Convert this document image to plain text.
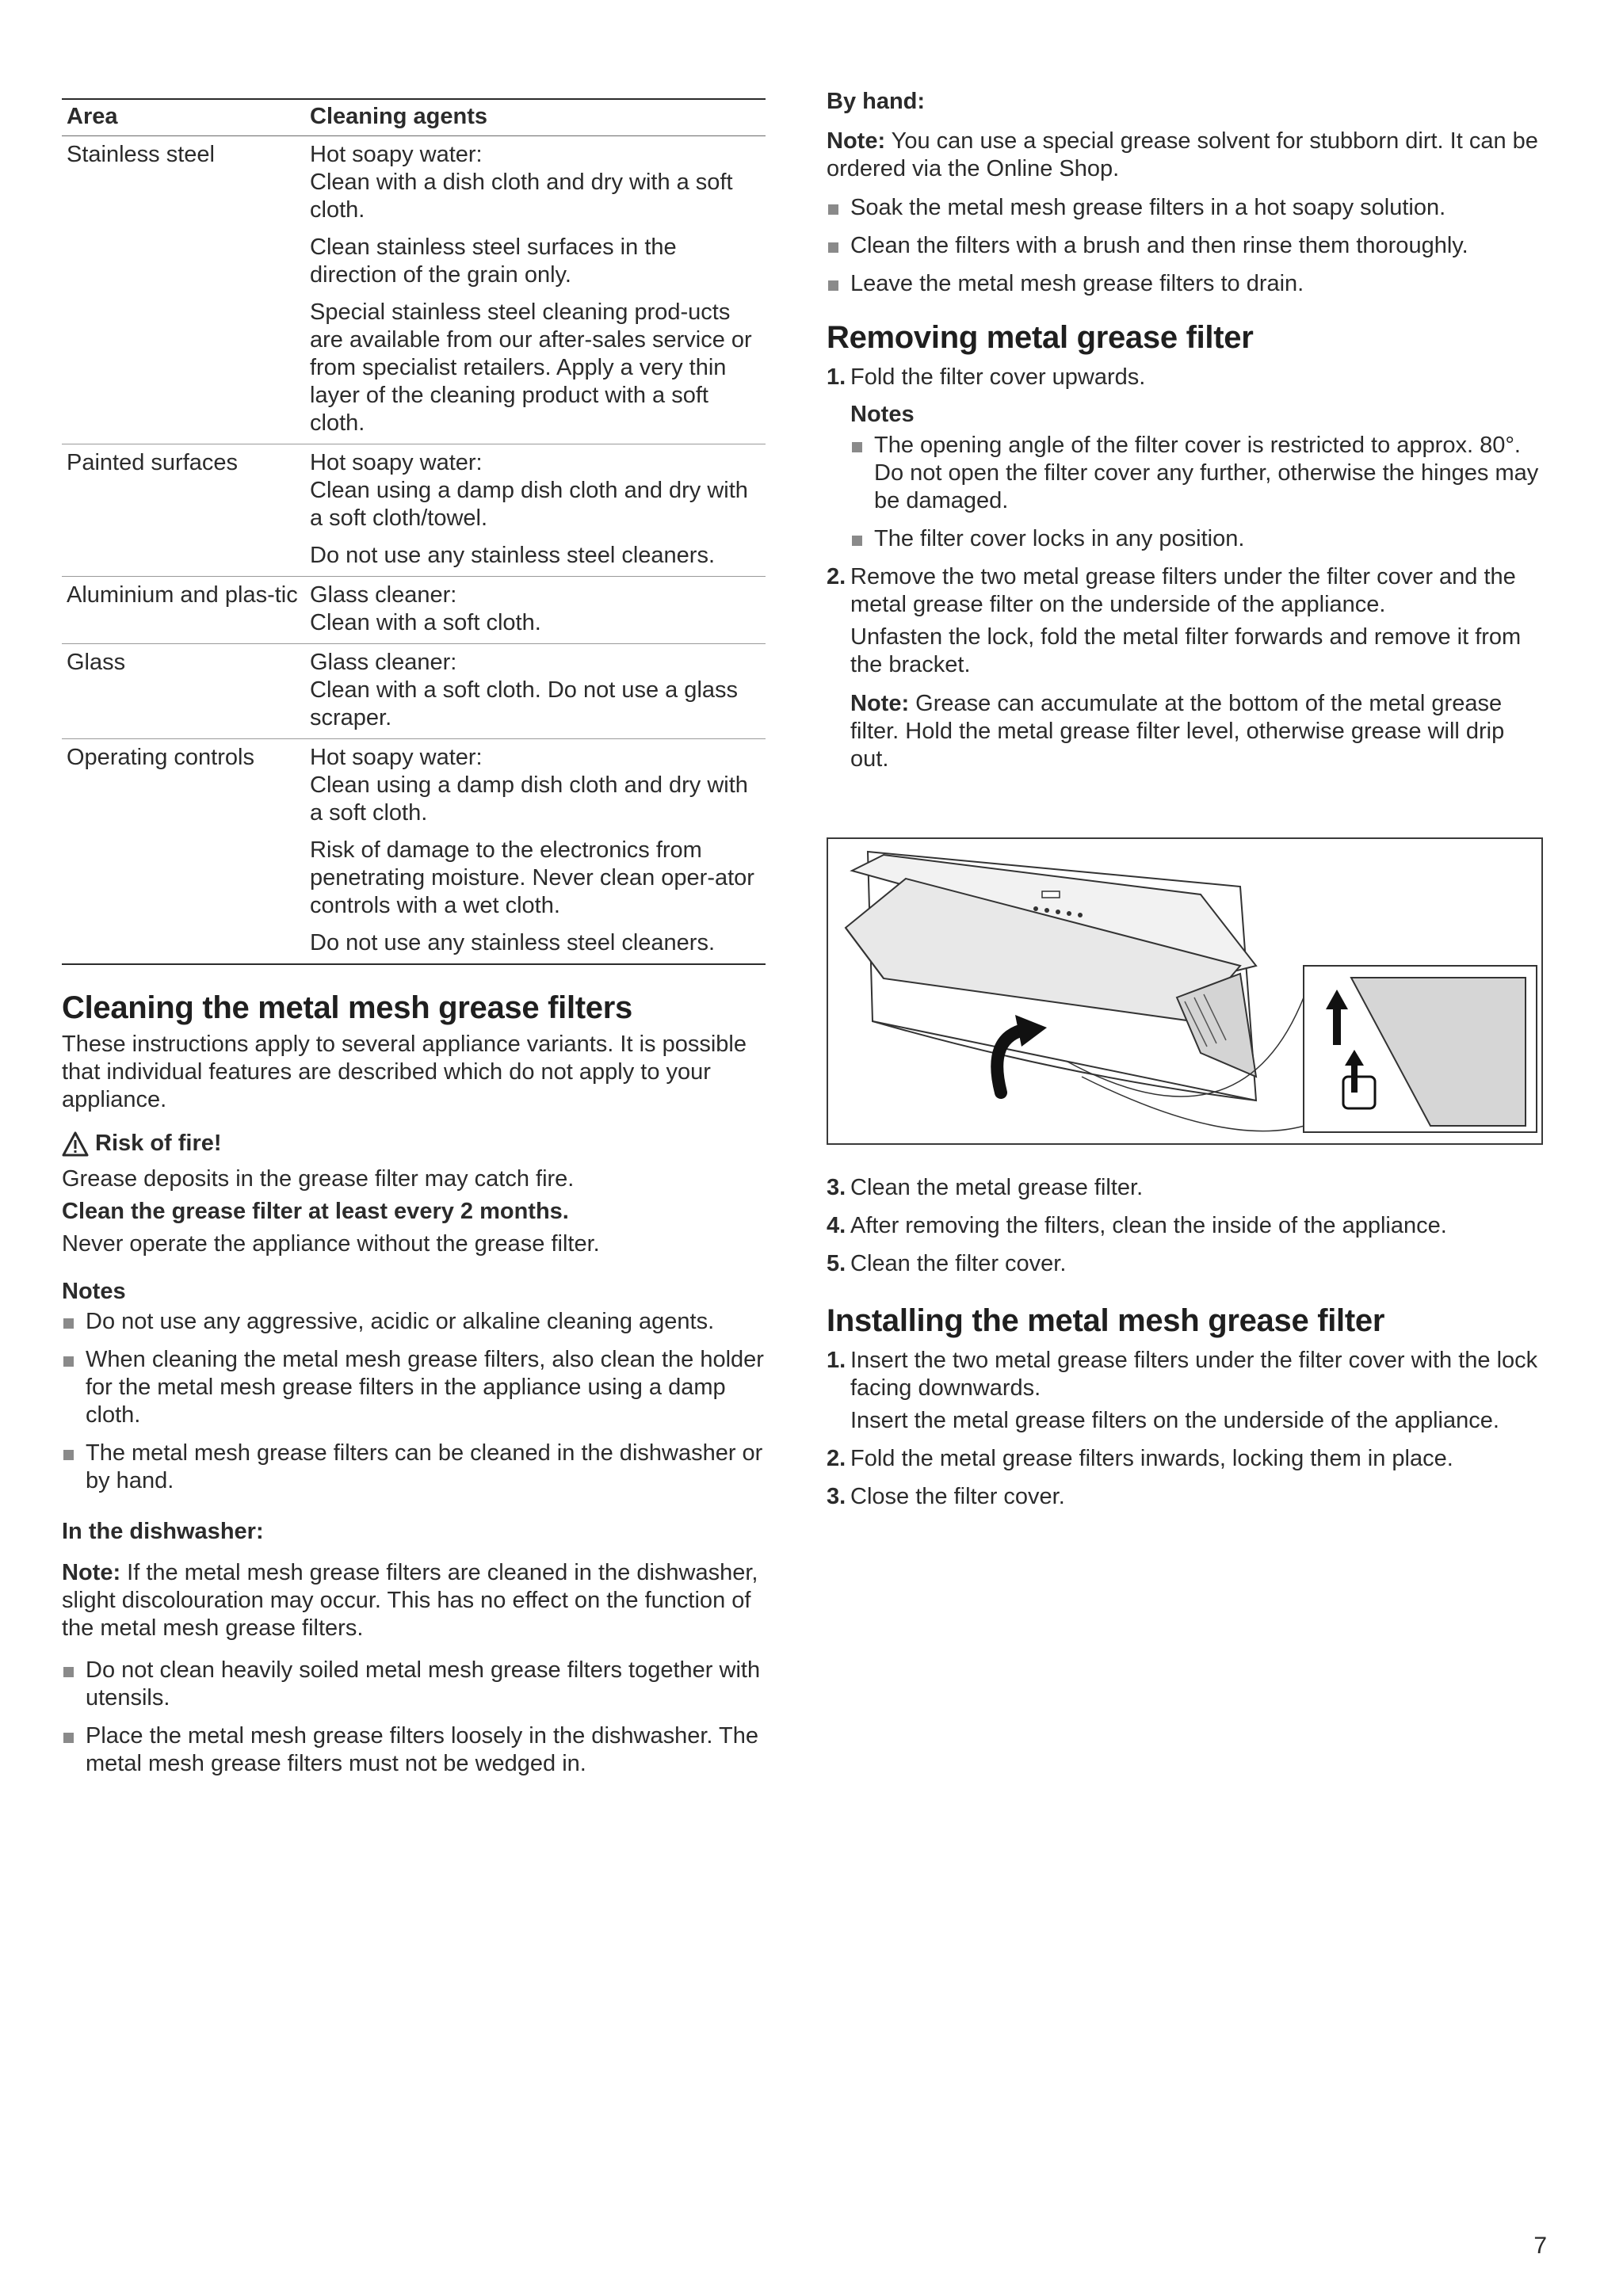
Area	Cleaning agents
Stainless steel	Hot soapy water:
Clean with a dish cloth and dry with a soft cloth.

Clean stainless steel surfaces in the direction of the grain only.

Special stainless steel cleaning prod-ucts are available from our after-sales service or from specialist retailers. Apply a very thin layer of the cleaning product with a soft cloth.

Painted surfaces	Hot soapy water:
Clean using a damp dish cloth and dry with a soft cloth/towel.

Do not use any stainless steel cleaners.

Aluminium and plas-tic	Glass cleaner:
Clean with a soft cloth.

Glass	Glass cleaner:
Clean with a soft cloth. Do not use a glass scraper.

Operating controls	Hot soapy water:
Clean using a damp dish cloth and dry with a soft cloth.

Risk of damage to the electronics from penetrating moisture. Never clean oper-ator controls with a wet cloth.

Do not use any stainless steel cleaners.

Cleaning the metal mesh grease filters

These instructions apply to several appliance variants. It is possible that individual features are described which do not apply to your appliance.

Risk of fire!

Grease deposits in the grease filter may catch fire.

Clean the grease filter at least every 2 months.

Never operate the appliance without the grease filter.

Notes
Do not use any aggressive, acidic or alkaline cleaning agents.
When cleaning the metal mesh grease filters, also clean the holder for the metal mesh grease filters in the appliance using a damp cloth.
The metal mesh grease filters can be cleaned in the dishwasher or by hand.
In the dishwasher:

Note: If the metal mesh grease filters are cleaned in the dishwasher, slight discolouration may occur. This has no effect on the function of the metal mesh grease filters.

Do not clean heavily soiled metal mesh grease filters together with utensils.
Place the metal mesh grease filters loosely in the dishwasher. The metal mesh grease filters must not be wedged in.
By hand:

Note: You can use a special grease solvent for stubborn dirt. It can be ordered via the Online Shop.

Soak the metal mesh grease filters in a hot soapy solution.
Clean the filters with a brush and then rinse them thoroughly.
Leave the metal mesh grease filters to drain.
Removing metal grease filter
1. Fold the filter cover upwards.
Notes
The opening angle of the filter cover is restricted to approx. 80°. Do not open the filter cover any further, otherwise the hinges may be damaged.
The filter cover locks in any position.
2. Remove the two metal grease filters under the filter cover and the metal grease filter on the underside of the appliance.

Unfasten the lock, fold the metal filter forwards and remove it from the bracket.

Note: Grease can accumulate at the bottom of the metal grease filter. Hold the metal grease filter level, otherwise grease will drip out.

3. Clean the metal grease filter.
4. After removing the filters, clean the inside of the appliance.
5. Clean the filter cover.
Installing the metal mesh grease filter
1. Insert the two metal grease filters under the filter cover with the lock facing downwards.

Insert the metal grease filters on the underside of the appliance.

2. Fold the metal grease filters inwards, locking them in place.
3. Close the filter cover.
7
